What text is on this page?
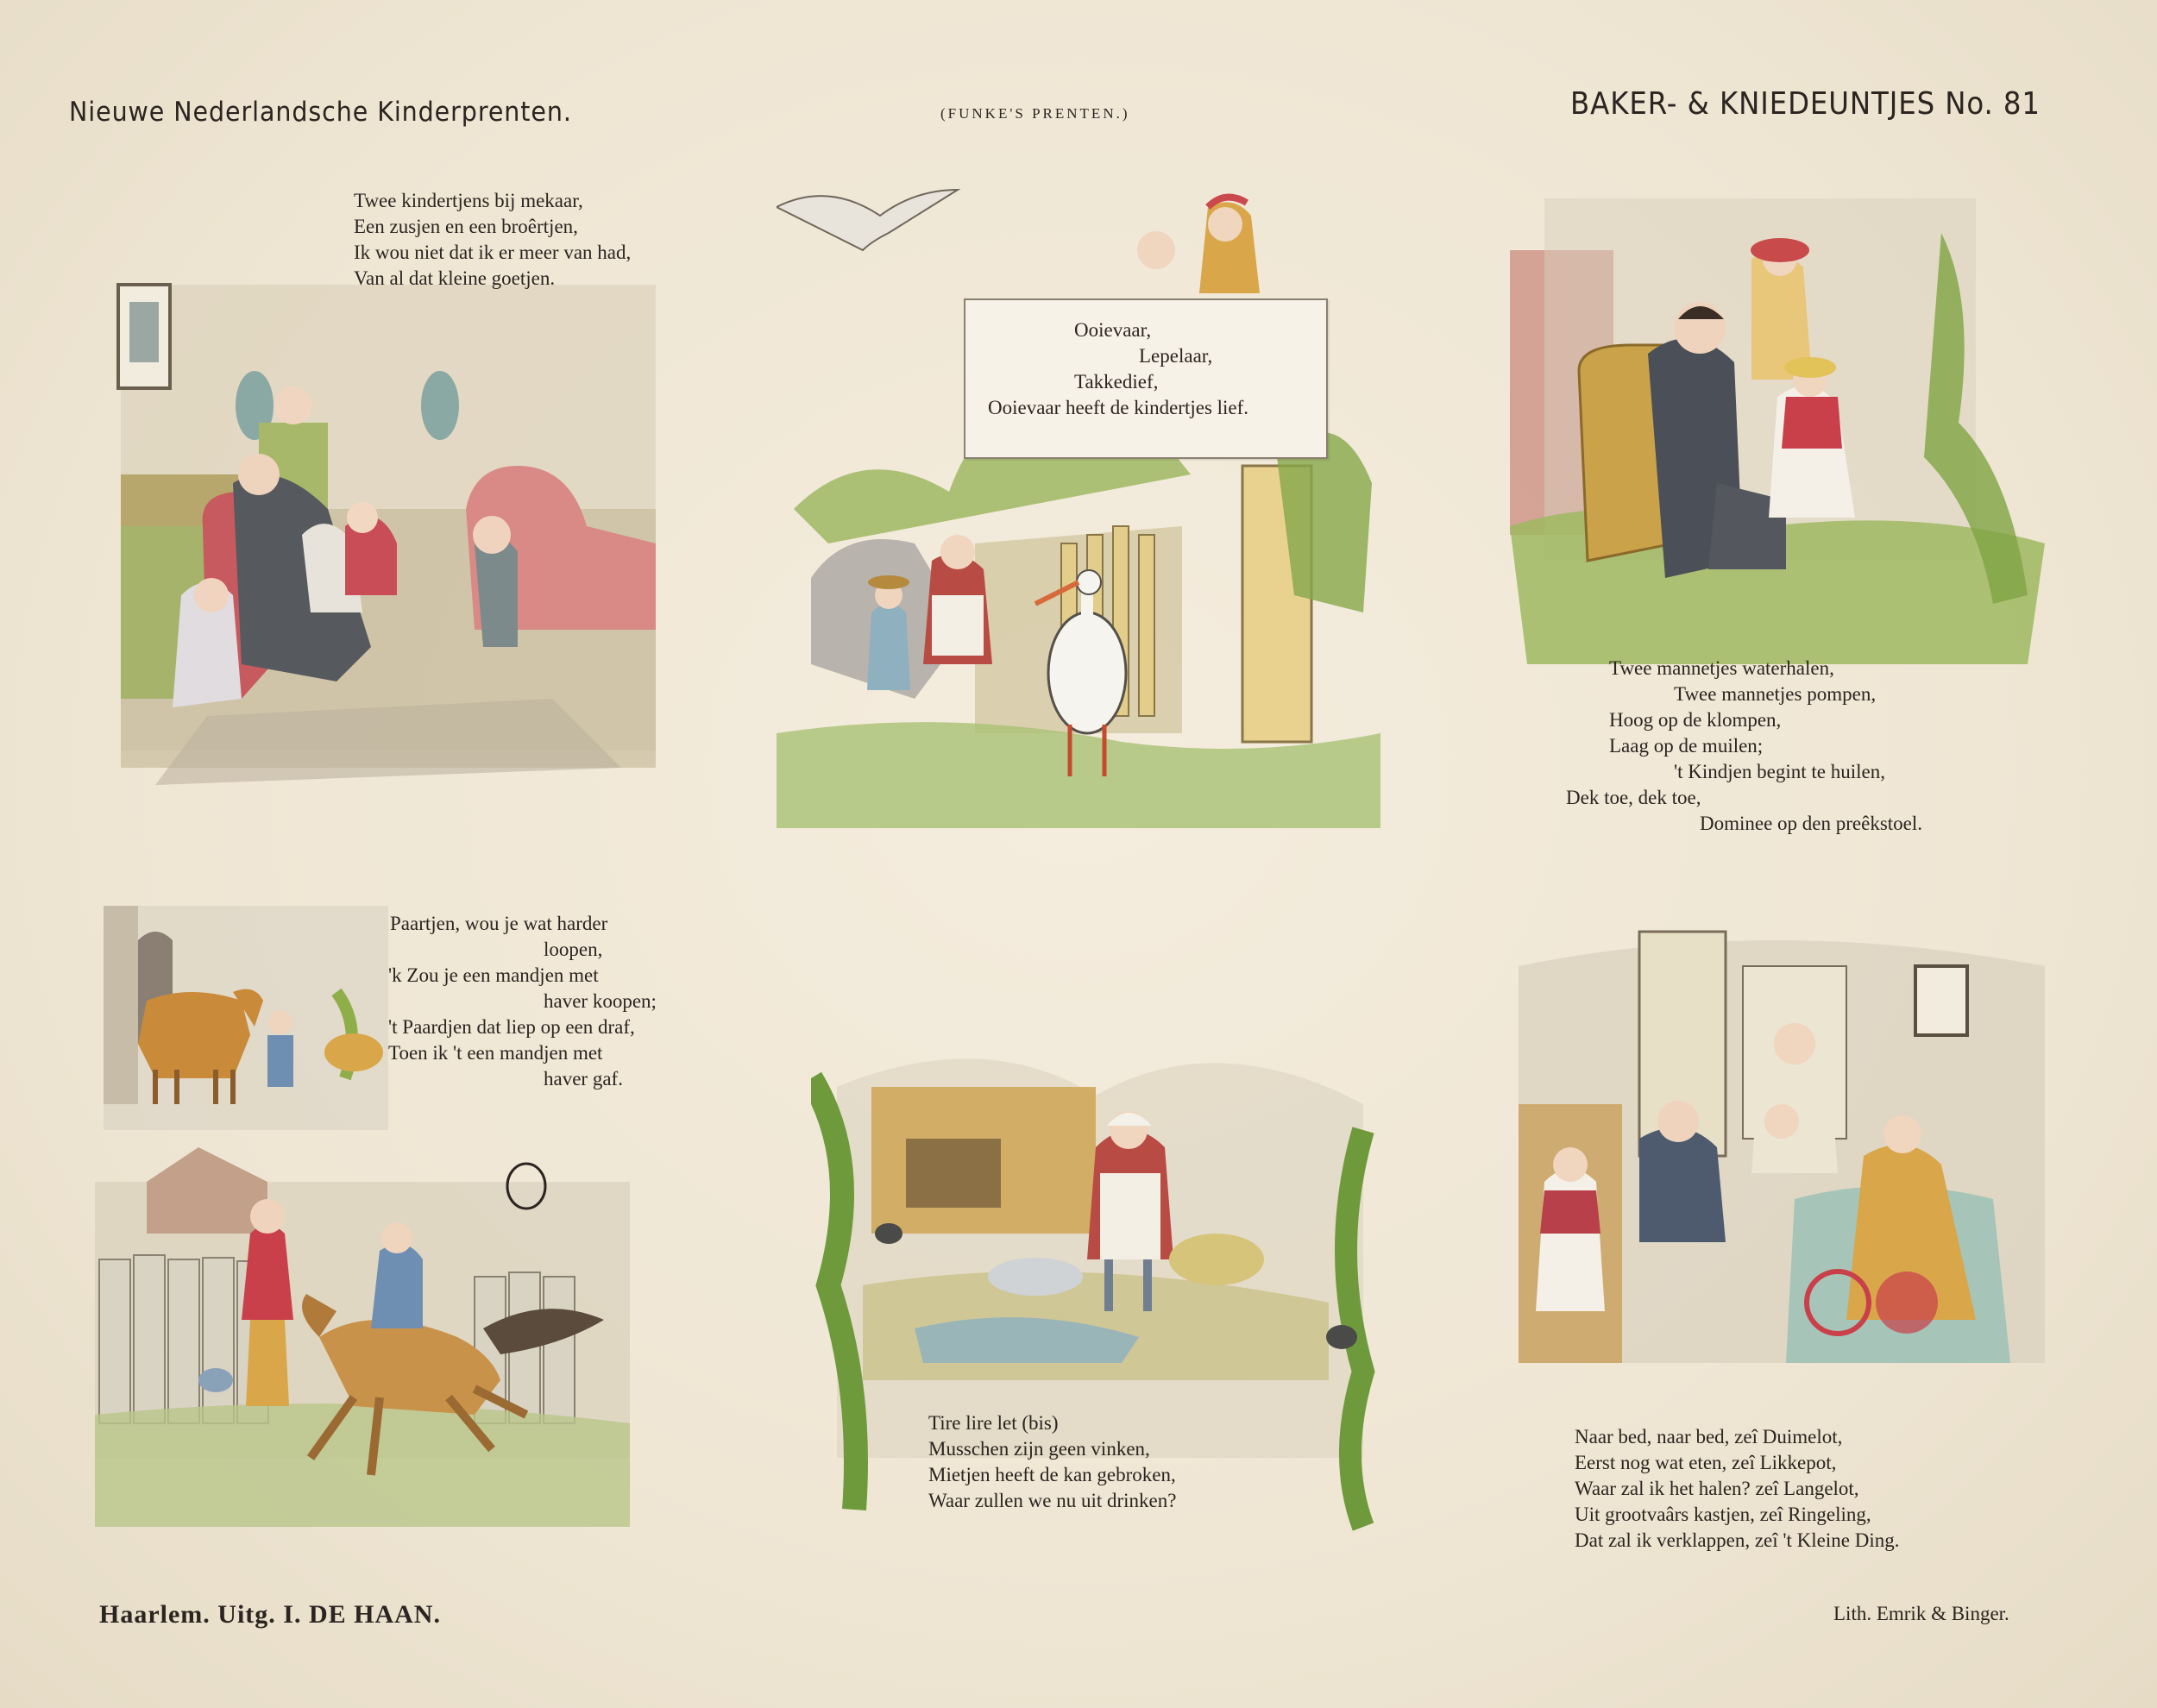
Nieuwe Nederlandsche Kinderprenten.	(FUNKE'S PRENTEN.)	BAKER- & KNIEDEUNTJES No. 81
Twee kindertjens bij mekaar,
Een zusjen en een broêrtjen,
Ik wou niet dat ik er meer van had,
Van al dat kleine goetjen.
Ooievaar,
Lepelaar,
Takkedief,
Ooievaar heeft de kindertjes lief.
Twee mannetjes waterhalen,
Twee mannetjes pompen,
Hoog op de klompen,
Laag op de muilen;
't Kindjen begint te huilen,
Dek toe, dek toe,
Dominee op den preêkstoel.
Paartjen, wou je wat harder
loopen,
'k Zou je een mandjen met
haver koopen;
't Paardjen dat liep op een draf,
Toen ik 't een mandjen met
haver gaf.
Tire lire let (bis)
Musschen zijn geen vinken,
Mietjen heeft de kan gebroken,
Waar zullen we nu uit drinken?
Naar bed, naar bed, zeî Duimelot,
Eerst nog wat eten, zeî Likkepot,
Waar zal ik het halen? zeî Langelot,
Uit grootvaârs kastjen, zeî Ringeling,
Dat zal ik verklappen, zeî 't Kleine Ding.
Haarlem. Uitg. I. DE HAAN.	Lith. Emrik & Binger.
